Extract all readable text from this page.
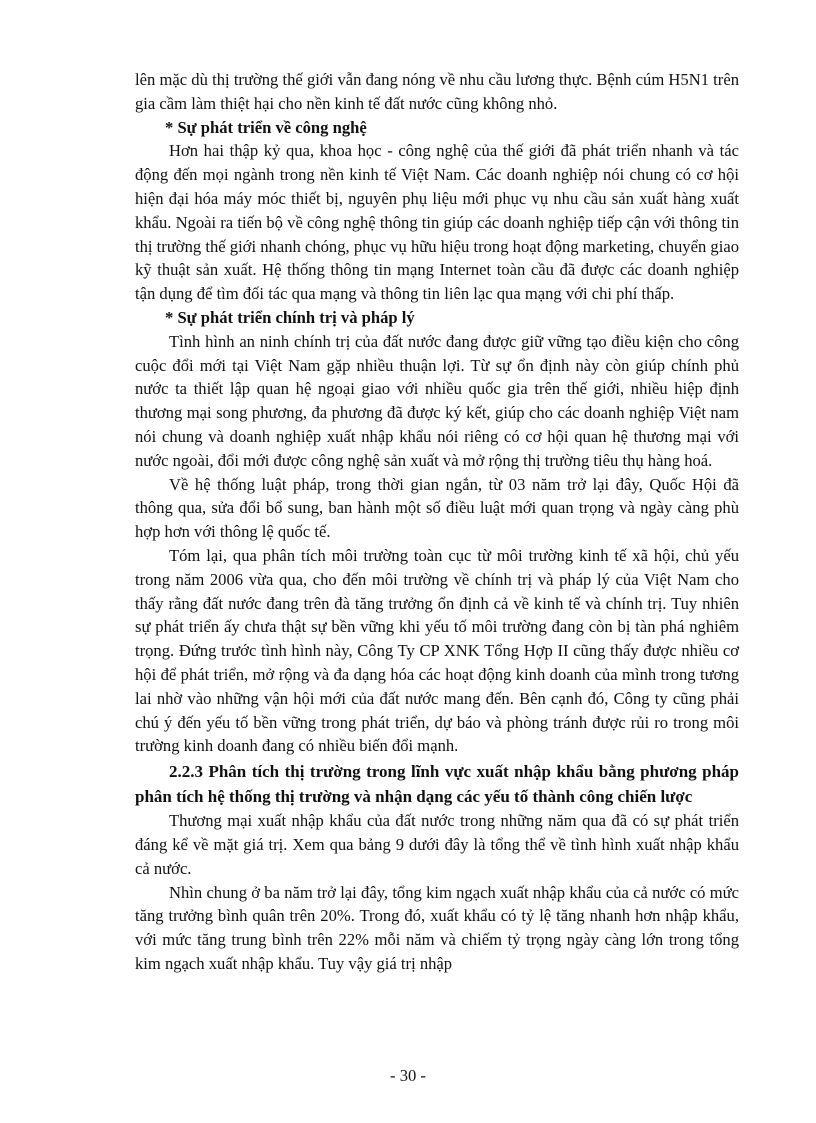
lên mặc dù thị trường thế giới vẫn đang nóng về nhu cầu lương thực. Bệnh cúm H5N1 trên gia cầm làm thiệt hại cho nền kinh tế đất nước cũng không nhỏ.

* Sự phát triển về công nghệ

Hơn hai thập kỷ qua, khoa học - công nghệ của thế giới đã phát triển nhanh và tác động đến mọi ngành trong nền kinh tế Việt Nam. Các doanh nghiệp nói chung có cơ hội hiện đại hóa máy móc thiết bị, nguyên phụ liệu mới phục vụ nhu cầu sản xuất hàng xuất khẩu. Ngoài ra tiến bộ về công nghệ thông tin giúp các doanh nghiệp tiếp cận với thông tin thị trường thế giới nhanh chóng, phục vụ hữu hiệu trong hoạt động marketing, chuyển giao kỹ thuật sản xuất. Hệ thống thông tin mạng Internet toàn cầu đã được các doanh nghiệp tận dụng để tìm đối tác qua mạng và thông tin liên lạc qua mạng với chi phí thấp.

* Sự phát triển chính trị và pháp lý

Tình hình an ninh chính trị của đất nước đang được giữ vững tạo điều kiện cho công cuộc đổi mới tại Việt Nam gặp nhiều thuận lợi. Từ sự ổn định này còn giúp chính phủ nước ta thiết lập quan hệ ngoại giao với nhiều quốc gia trên thế giới, nhiều hiệp định thương mại song phương, đa phương đã được ký kết, giúp cho các doanh nghiệp Việt nam nói chung và doanh nghiệp xuất nhập khẩu nói riêng có cơ hội quan hệ thương mại với nước ngoài, đổi mới được công nghệ sản xuất và mở rộng thị trường tiêu thụ hàng hoá.

Về hệ thống luật pháp, trong thời gian ngắn, từ 03 năm trở lại đây, Quốc Hội đã thông qua, sửa đổi bổ sung, ban hành một số điều luật mới quan trọng và ngày càng phù hợp hơn với thông lệ quốc tế.

Tóm lại, qua phân tích môi trường toàn cục từ môi trường kinh tế xã hội, chủ yếu trong năm 2006 vừa qua, cho đến môi trường về chính trị và pháp lý của Việt Nam cho thấy rằng đất nước đang trên đà tăng trưởng ổn định cả về kinh tế và chính trị. Tuy nhiên sự phát triển ấy chưa thật sự bền vững khi yếu tố môi trường đang còn bị tàn phá nghiêm trọng. Đứng trước tình hình này, Công Ty CP XNK Tổng Hợp II cũng thấy được nhiều cơ hội để phát triển, mở rộng và đa dạng hóa các hoạt động kinh doanh của mình trong tương lai nhờ vào những vận hội mới của đất nước mang đến. Bên cạnh đó, Công ty cũng phải chú ý đến yếu tố bền vững trong phát triển, dự báo và phòng tránh được rủi ro trong môi trường kinh doanh đang có nhiều biến đổi mạnh.

2.2.3 Phân tích thị trường trong lĩnh vực xuất nhập khẩu bằng phương pháp phân tích hệ thống thị trường và nhận dạng các yếu tố thành công chiến lược

Thương mại xuất nhập khẩu của đất nước trong những năm qua đã có sự phát triển đáng kể về mặt giá trị. Xem qua bảng 9 dưới đây là tổng thể về tình hình xuất nhập khẩu cả nước.

Nhìn chung ở ba năm trở lại đây, tổng kim ngạch xuất nhập khẩu của cả nước có mức tăng trưởng bình quân trên 20%. Trong đó, xuất khẩu có tỷ lệ tăng nhanh hơn nhập khẩu, với mức tăng trung bình trên 22% mỗi năm và chiếm tỷ trọng ngày càng lớn trong tổng kim ngạch xuất nhập khẩu. Tuy vậy giá trị nhập

- 30 -
